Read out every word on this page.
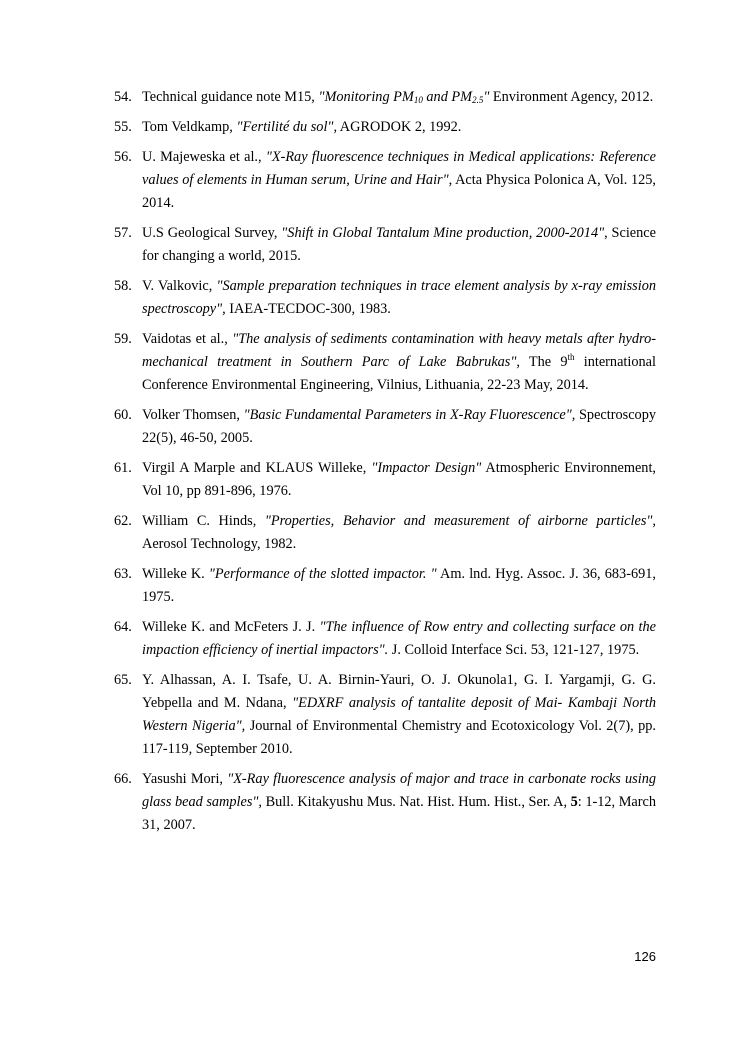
54. Technical guidance note M15, "Monitoring $PM_{10}$ and $PM_{2.5}$" Environment Agency, 2012.
55. Tom Veldkamp, "Fertilité du sol", AGRODOK 2, 1992.
56. U. Majeweska et al., "X-Ray fluorescence techniques in Medical applications: Reference values of elements in Human serum, Urine and Hair", Acta Physica Polonica A, Vol. 125, 2014.
57. U.S Geological Survey, "Shift in Global Tantalum Mine production, 2000-2014", Science for changing a world, 2015.
58. V. Valkovic, "Sample preparation techniques in trace element analysis by x-ray emission spectroscopy", IAEA-TECDOC-300, 1983.
59. Vaidotas et al., "The analysis of sediments contamination with heavy metals after hydro-mechanical treatment in Southern Parc of Lake Babrukas", The 9th international Conference Environmental Engineering, Vilnius, Lithuania, 22-23 May, 2014.
60. Volker Thomsen, "Basic Fundamental Parameters in X-Ray Fluorescence", Spectroscopy 22(5), 46-50, 2005.
61. Virgil A Marple and KLAUS Willeke, "Impactor Design" Atmospheric Environnement, Vol 10, pp 891-896, 1976.
62. William C. Hinds, "Properties, Behavior and measurement of airborne particles", Aerosol Technology, 1982.
63. Willeke K. "Performance of the slotted impactor. " Am. lnd. Hyg. Assoc. J. 36, 683-691, 1975.
64. Willeke K. and McFeters J. J. "The influence of Row entry and collecting surface on the impaction efficiency of inertial impactors". J. Colloid Interface Sci. 53, 121-127, 1975.
65. Y. Alhassan, A. I. Tsafe, U. A. Birnin-Yauri, O. J. Okunola1, G. I. Yargamji, G. G. Yebpella and M. Ndana, "EDXRF analysis of tantalite deposit of Mai- Kambaji North Western Nigeria", Journal of Environmental Chemistry and Ecotoxicology Vol. 2(7), pp. 117-119, September 2010.
66. Yasushi Mori, "X-Ray fluorescence analysis of major and trace in carbonate rocks using glass bead samples", Bull. Kitakyushu Mus. Nat. Hist. Hum. Hist., Ser. A, 5: 1-12, March 31, 2007.
126
